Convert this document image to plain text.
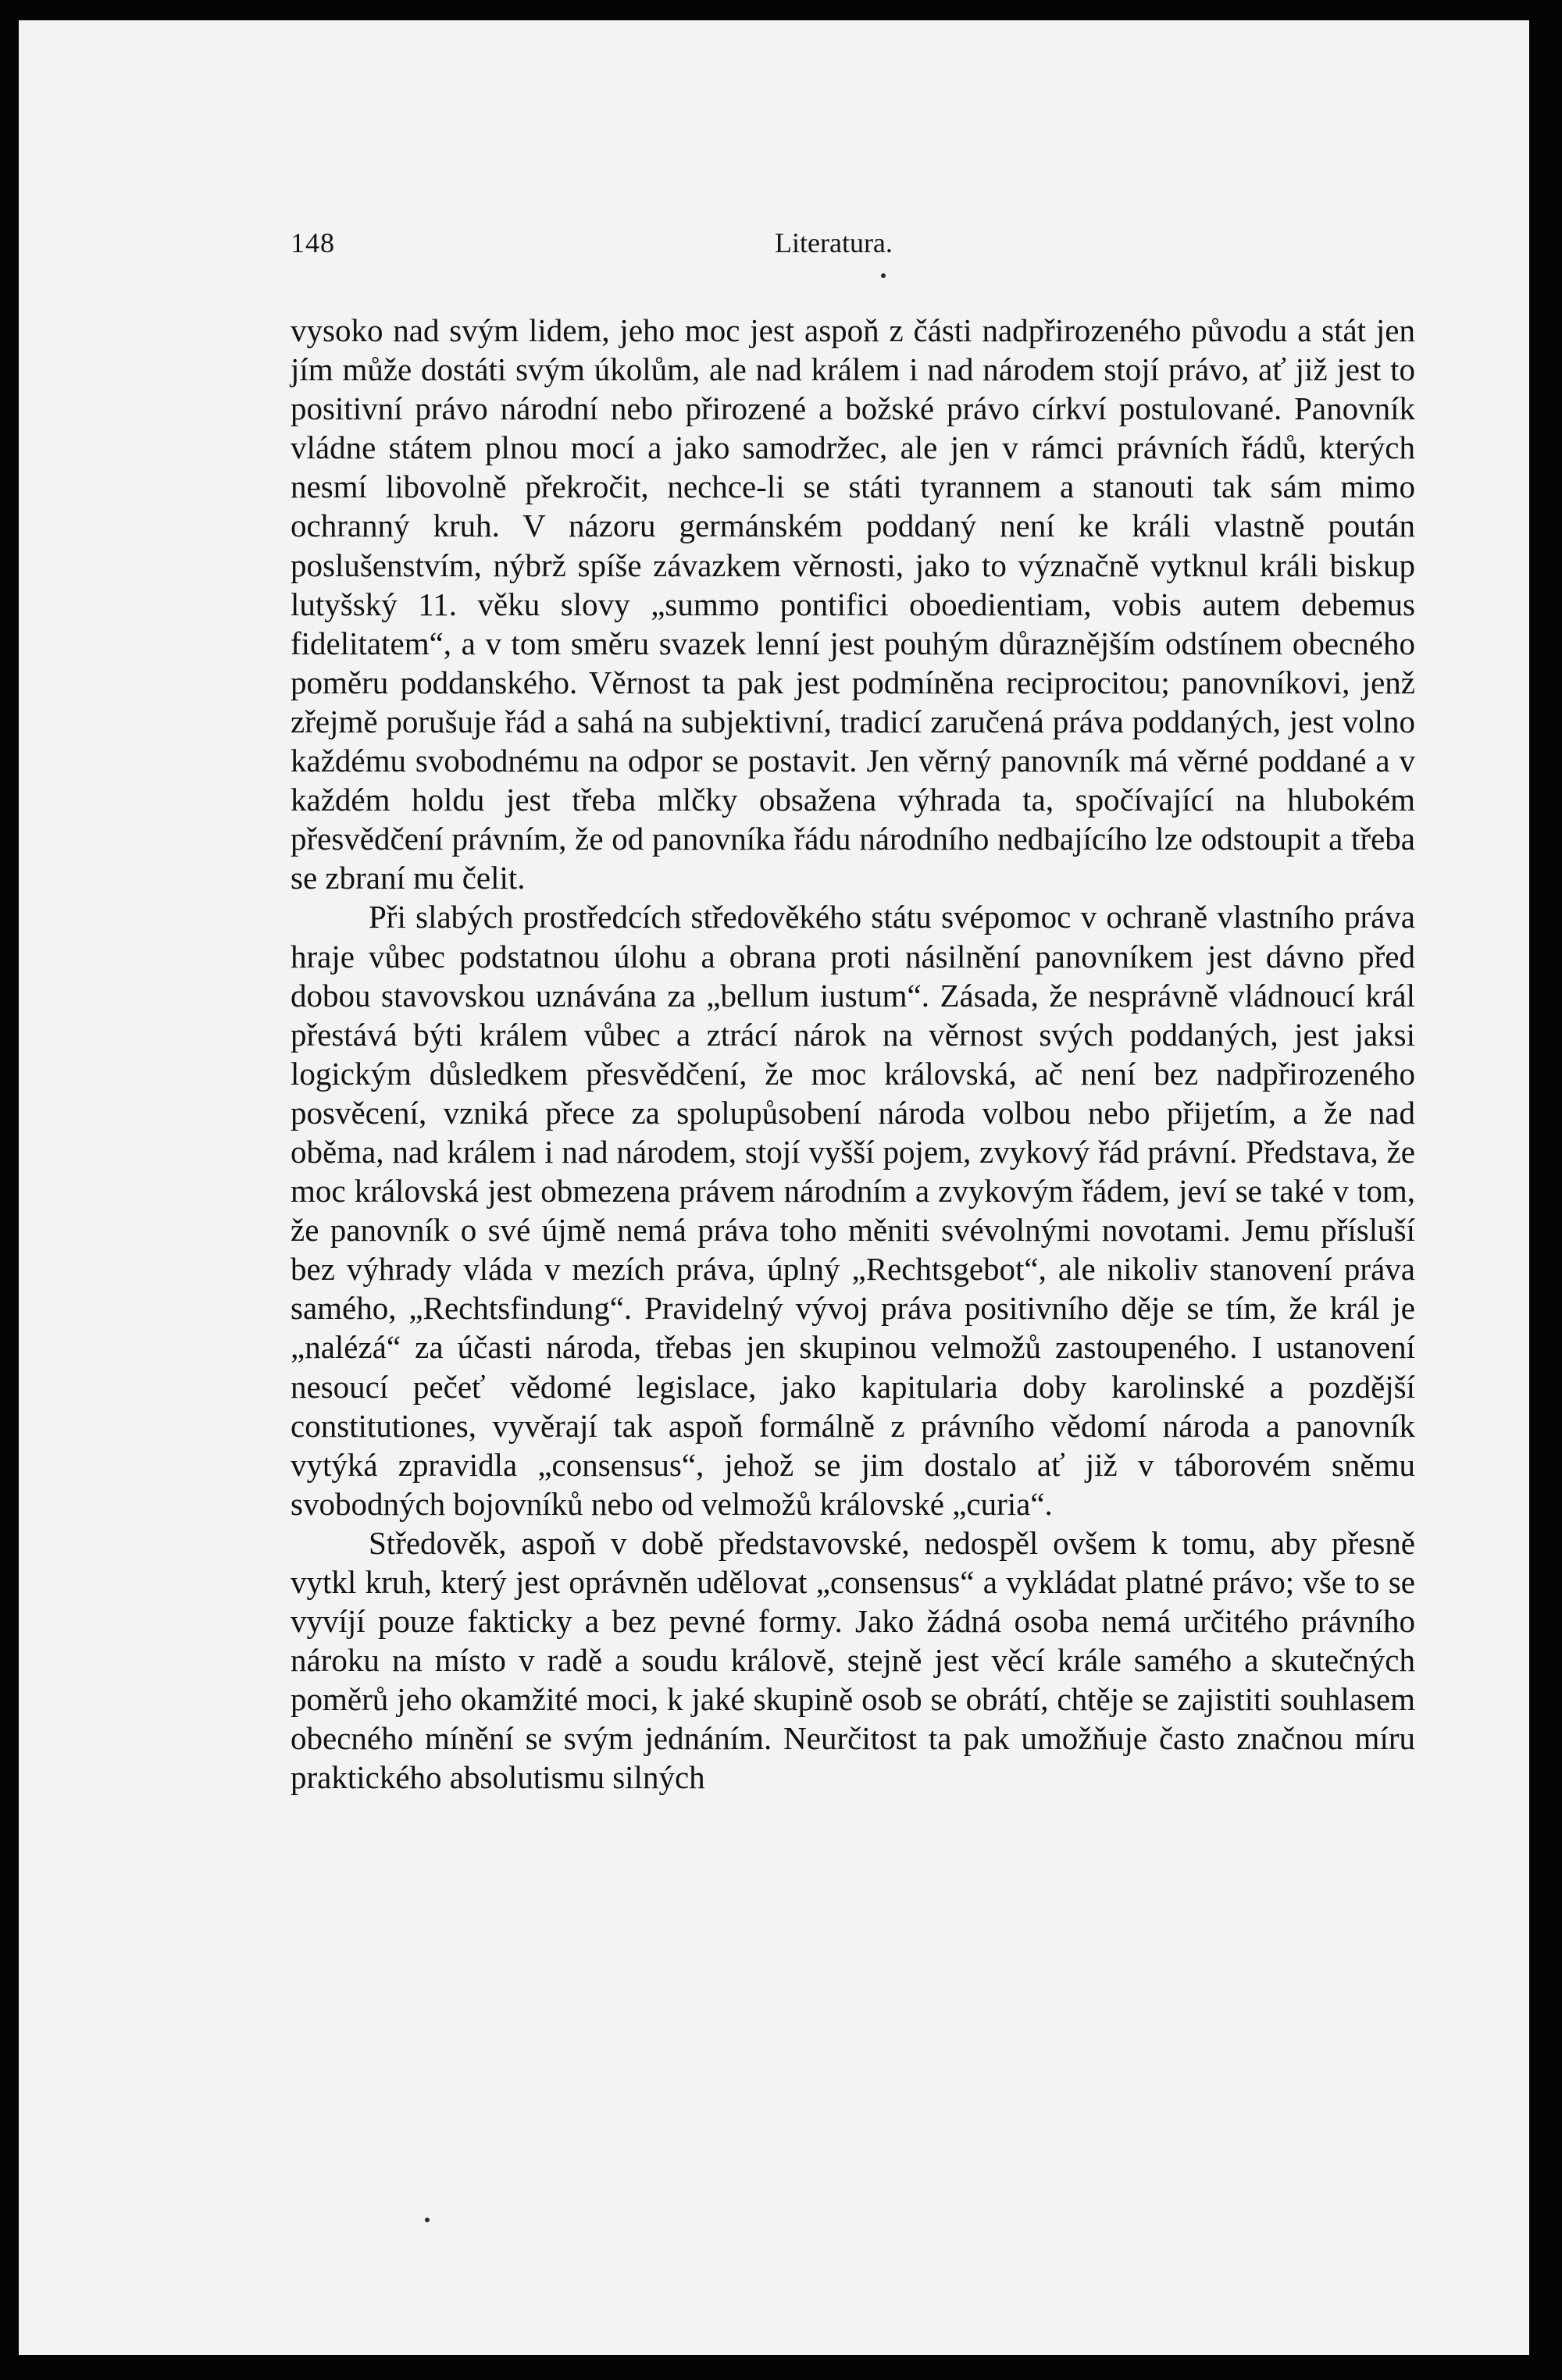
148	Literatura.

vysoko nad svým lidem, jeho moc jest aspoň z části nadpřirozeného původu a stát jen jím může dostáti svým úkolům, ale nad králem i nad národem stojí právo, ať již jest to positivní právo národní nebo přirozené a božské právo církví postulované. Panovník vládne státem plnou mocí a jako samodržec, ale jen v rámci právních řádů, kterých nesmí libovolně překročit, nechce-li se státi tyrannem a stanouti tak sám mimo ochranný kruh. V názoru germánském poddaný není ke králi vlastně poután poslušenstvím, nýbrž spíše závazkem věrnosti, jako to význačně vytknul králi biskup lutyšský 11. věku slovy „summo pontifici oboedientiam, vobis autem debemus fidelitatem“, a v tom směru svazek lenní jest pouhým důraznějším odstínem obecného poměru poddanského. Věrnost ta pak jest podmíněna reciprocitou; panovníkovi, jenž zřejmě porušuje řád a sahá na subjektivní, tradicí zaručená práva poddaných, jest volno každému svobodnému na odpor se postavit. Jen věrný panovník má věrné poddané a v každém holdu jest třeba mlčky obsažena výhrada ta, spočívající na hlubokém přesvědčení právním, že od panovníka řádu národního nedbajícího lze odstoupit a třeba se zbraní mu čelit.

Při slabých prostředcích středověkého státu svépomoc v ochraně vlastního práva hraje vůbec podstatnou úlohu a obrana proti násilnění panovníkem jest dávno před dobou stavovskou uznávána za „bellum iustum“. Zásada, že nesprávně vládnoucí král přestává býti králem vůbec a ztrácí nárok na věrnost svých poddaných, jest jaksi logickým důsledkem přesvědčení, že moc královská, ač není bez nadpřirozeného posvěcení, vzniká přece za spolupůsobení národa volbou nebo přijetím, a že nad oběma, nad králem i nad národem, stojí vyšší pojem, zvykový řád právní. Představa, že moc královská jest obmezena právem národním a zvykovým řádem, jeví se také v tom, že panovník o své újmě nemá práva toho měniti svévolnými novotami. Jemu přísluší bez výhrady vláda v mezích práva, úplný „Rechtsgebot“, ale nikoliv stanovení práva samého, „Rechtsfindung“. Pravidelný vývoj práva positivního děje se tím, že král je „nalézá“ za účasti národa, třebas jen skupinou velmožů zastoupeného. I ustanovení nesoucí pečeť vědomé legislace, jako kapitularia doby karolinské a pozdější constitutiones, vyvěrají tak aspoň formálně z právního vědomí národa a panovník vytýká zpravidla „consensus“, jehož se jim dostalo ať již v táborovém sněmu svobodných bojovníků nebo od velmožů královské „curia“.

Středověk, aspoň v době představovské, nedospěl ovšem k tomu, aby přesně vytkl kruh, který jest oprávněn udělovat „consensus“ a vykládat platné právo; vše to se vyvíjí pouze fakticky a bez pevné formy. Jako žádná osoba nemá určitého právního nároku na místo v radě a soudu královĕ, stejně jest věcí krále samého a skutečných poměrů jeho okamžité moci, k jaké skupině osob se obrátí, chtěje se zajistiti souhlasem obecného mínění se svým jednáním. Neurčitost ta pak umožňuje často značnou míru praktického absolutismu silných
